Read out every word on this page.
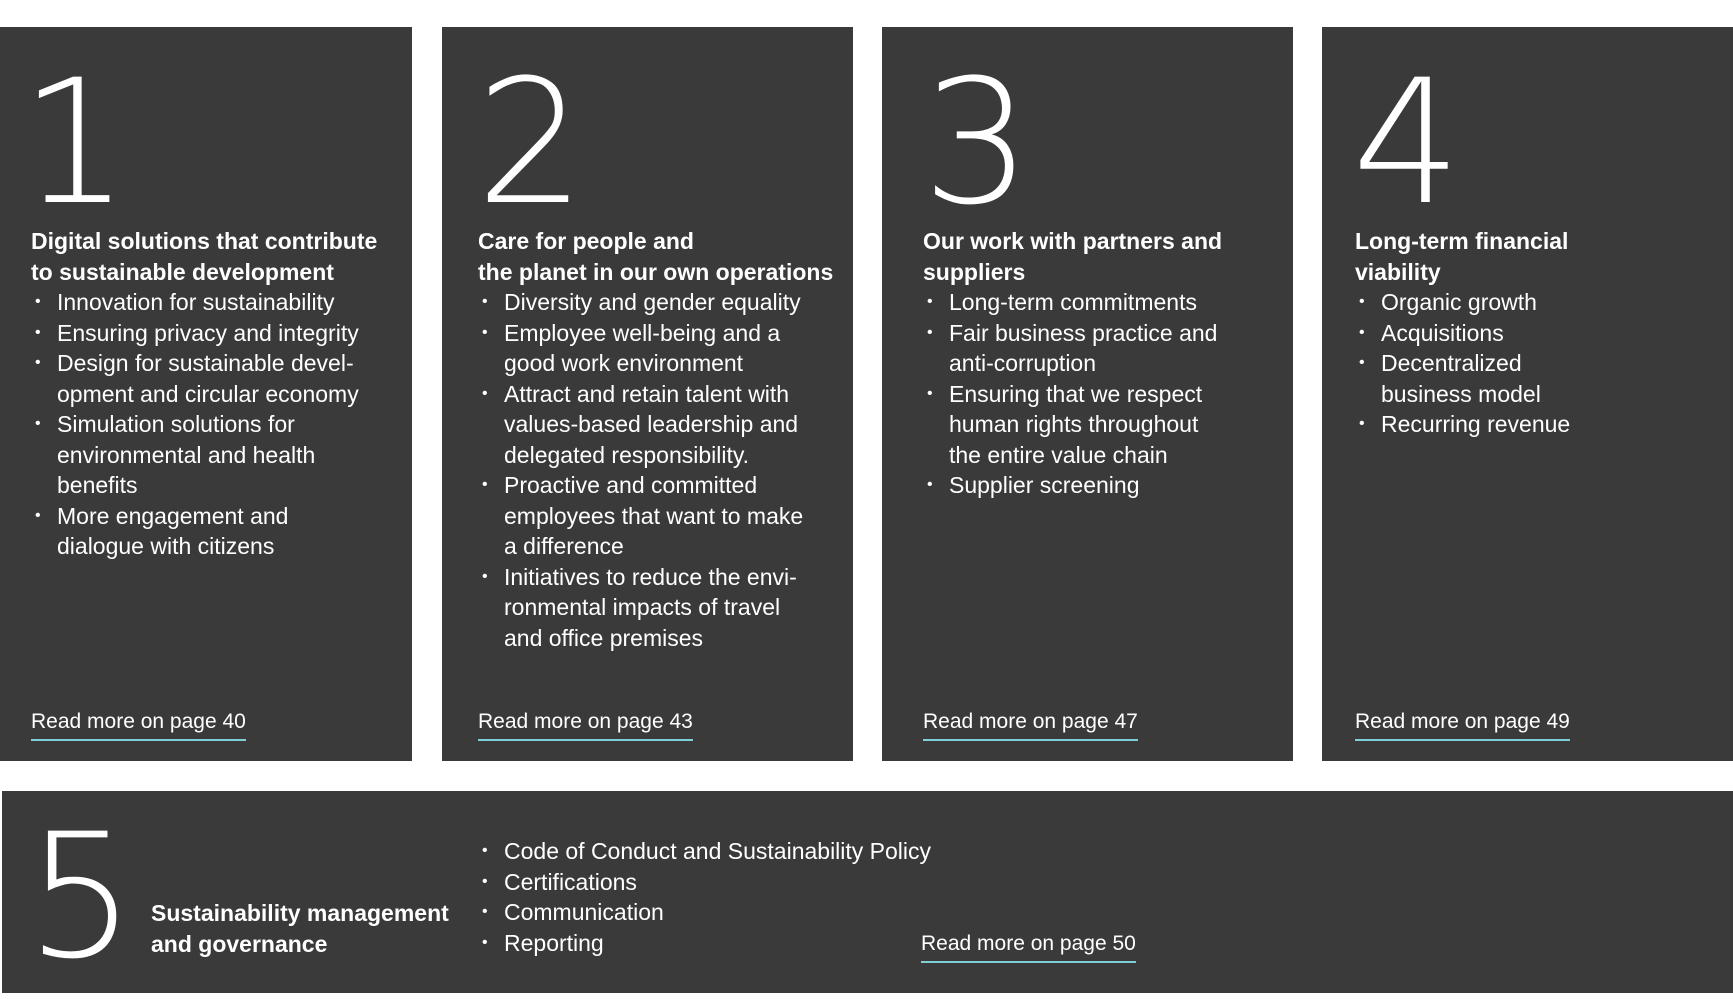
1
Digital solutions that contribute
to sustainable development
• Innovation for sustainability
• Ensuring privacy and integrity
• Design for sustainable devel-
opment and circular economy
• Simulation solutions for
environmental and health
benefits
• More engagement and
dialogue with citizens
Read more on page 40
2
Care for people and
the planet in our own operations
• Diversity and gender equality
• Employee well-being and a
good work environment
• Attract and retain talent with
values-based leadership and
delegated responsibility.
• Proactive and committed
employees that want to make
a difference
• Initiatives to reduce the envi-
ronmental impacts of travel
and office premises
Read more on page 43
3
Our work with partners and
suppliers
• Long-term commitments
• Fair business practice and
anti-corruption
• Ensuring that we respect
human rights throughout
the entire value chain
• Supplier screening
Read more on page 47
4
Long-term financial
viability
• Organic growth
• Acquisitions
• Decentralized
business model
• Recurring revenue
Read more on page 49
5 Sustainability management
and governance
• Code of Conduct and Sustainability Policy
• Certifications
• Communication
• Reporting	Read more on page 50
